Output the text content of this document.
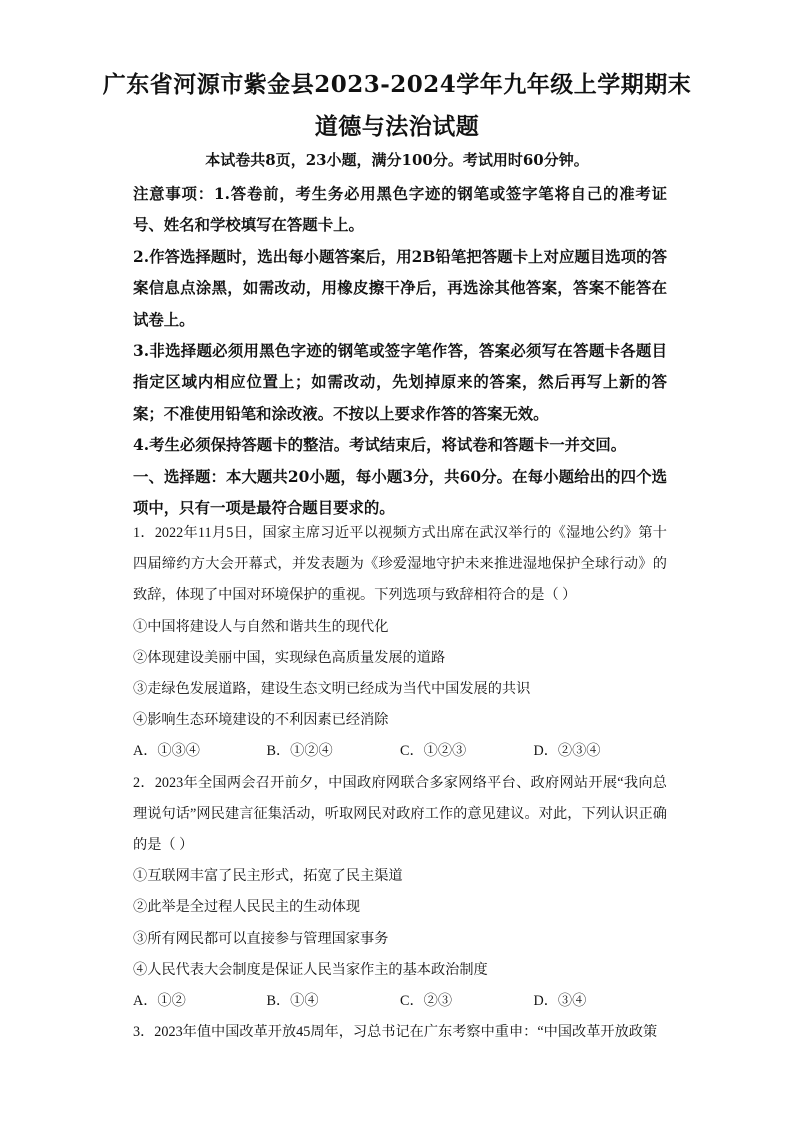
广东省河源市紫金县2023-2024学年九年级上学期期末
道德与法治试题
本试卷共8页，23小题，满分100分。考试用时60分钟。

注意事项：1.答卷前，考生务必用黑色字迹的钢笔或签字笔将自己的准考证号、姓名和学校填写在答题卡上。

2.作答选择题时，选出每小题答案后，用2B铅笔把答题卡上对应题目选项的答案信息点涂黑，如需改动，用橡皮擦干净后，再选涂其他答案，答案不能答在试卷上。

3.非选择题必须用黑色字迹的钢笔或签字笔作答，答案必须写在答题卡各题目指定区域内相应位置上；如需改动，先划掉原来的答案，然后再写上新的答案；不准使用铅笔和涂改液。不按以上要求作答的答案无效。

4.考生必须保持答题卡的整洁。考试结束后，将试卷和答题卡一并交回。

一、选择题：本大题共20小题，每小题3分，共60分。在每小题给出的四个选项中，只有一项是最符合题目要求的。

1．2022年11月5日，国家主席习近平以视频方式出席在武汉举行的《湿地公约》第十四届缔约方大会开幕式，并发表题为《珍爱湿地守护未来推进湿地保护全球行动》的致辞，体现了中国对环境保护的重视。下列选项与致辞相符合的是（ ）

①中国将建设人与自然和谐共生的现代化

②体现建设美丽中国，实现绿色高质量发展的道路

③走绿色发展道路，建设生态文明已经成为当代中国发展的共识

④影响生态环境建设的不利因素已经消除

A．①③④	B．①②④	C．①②③	D．②③④

2．2023年全国两会召开前夕，中国政府网联合多家网络平台、政府网站开展“我向总理说句话”网民建言征集活动，听取网民对政府工作的意见建议。对此，下列认识正确的是（ ）

①互联网丰富了民主形式，拓宽了民主渠道

②此举是全过程人民民主的生动体现

③所有网民都可以直接参与管理国家事务

④人民代表大会制度是保证人民当家作主的基本政治制度

A．①②	B．①④	C．②③	D．③④

3．2023年值中国改革开放45周年，习总书记在广东考察中重申：“中国改革开放政策
